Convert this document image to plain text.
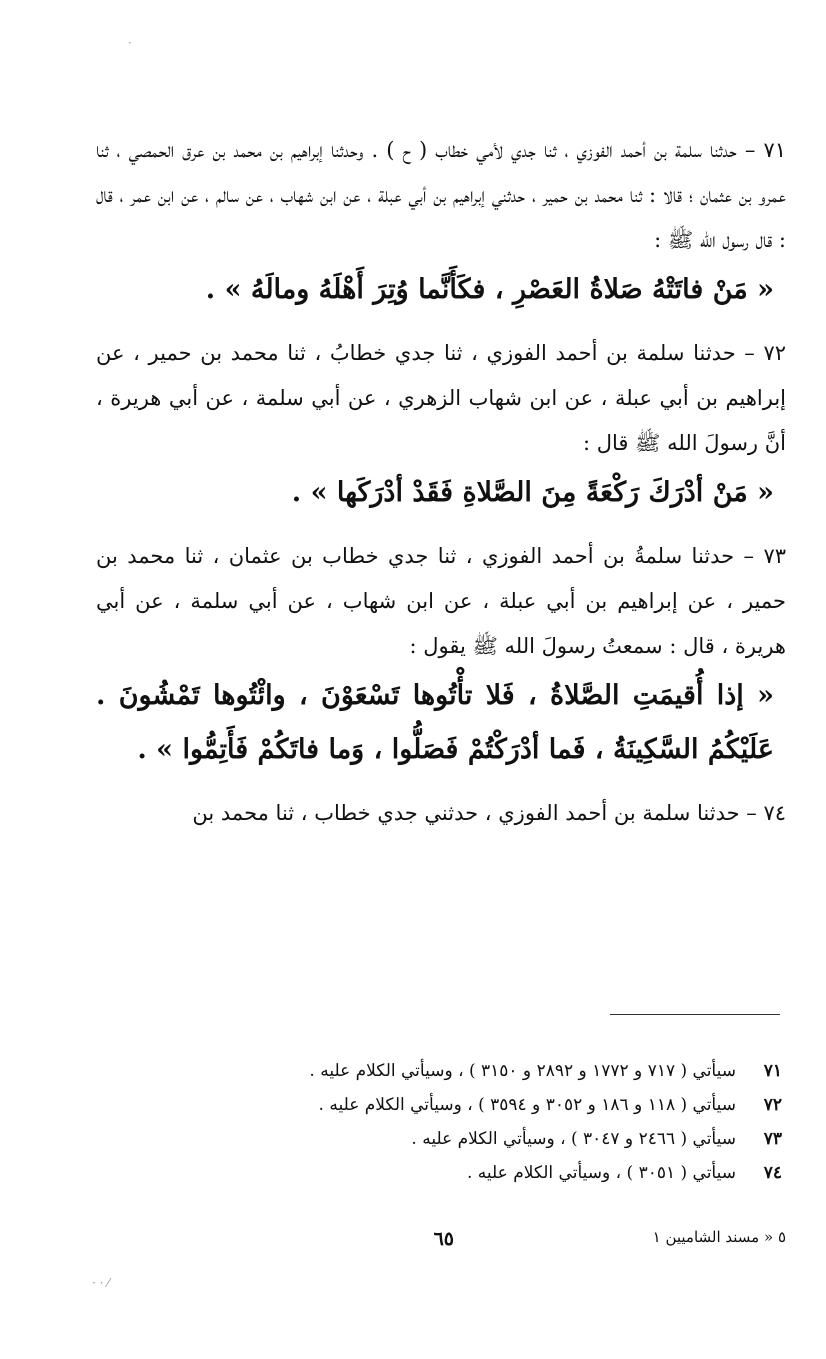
٧١ – حدثنا سلمة بن أحمد الفوزي ، ثنا جدي لأمي خطاب ( ح ) . وحدثنا إبراهيم بن محمد بن عرق الحمصي ، ثنا عمرو بن عثمان ؛ قالا : ثنا محمد بن حمير ، حدثني إبراهيم بن أبي عبلة ، عن ابن شهاب ، عن سالم ، عن ابن عمر ، قال : قال رسول الله ﷺ :

« مَنْ فاتَتْهُ صَلاةُ العَصْرِ ، فكَأَنَّما وُتِرَ أَهْلَهُ ومالَهُ » .

٧٢ – حدثنا سلمة بن أحمد الفوزي ، ثنا جدي خطابُ ، ثنا محمد بن حمير ، عن إبراهيم بن أبي عبلة ، عن ابن شهاب الزهري ، عن أبي سلمة ، عن أبي هريرة ، أنَّ رسولَ الله ﷺ قال :

« مَنْ أدْرَكَ رَكْعَةً مِنَ الصَّلاةِ فَقَدْ أدْرَكَها » .

٧٣ – حدثنا سلمةُ بن أحمد الفوزي ، ثنا جدي خطاب بن عثمان ، ثنا محمد بن حمير ، عن إبراهيم بن أبي عبلة ، عن ابن شهاب ، عن أبي سلمة ، عن أبي هريرة ، قال : سمعتُ رسولَ الله ﷺ يقول :

« إذا أُقيمَتِ الصَّلاةُ ، فَلا تأْتُوها تَسْعَوْنَ ، وائْتُوها تَمْشُونَ . عَلَيْكُمُ السَّكِينَةُ ، فَما أدْرَكْتُمْ فَصَلُّوا ، وَما فاتَكُمْ فَأَتِمُّوا » .

٧٤ – حدثنا سلمة بن أحمد الفوزي ، حدثني جدي خطاب ، ثنا محمد بن

٧١
سيأتي ( ٧١٧ و ١٧٧٢ و ٢٨٩٢ و ٣١٥٠ ) ، وسيأتي الكلام عليه .
٧٢
سيأتي ( ١١٨ و ١٨٦ و ٣٠٥٢ و ٣٥٩٤ ) ، وسيأتي الكلام عليه .
٧٣
سيأتي ( ٢٤٦٦ و ٣٠٤٧ ) ، وسيأتي الكلام عليه .
٧٤
سيأتي ( ٣٠٥١ ) ، وسيأتي الكلام عليه .
٥ « مسند الشاميين ١
٦٥
·
· · ⁄
